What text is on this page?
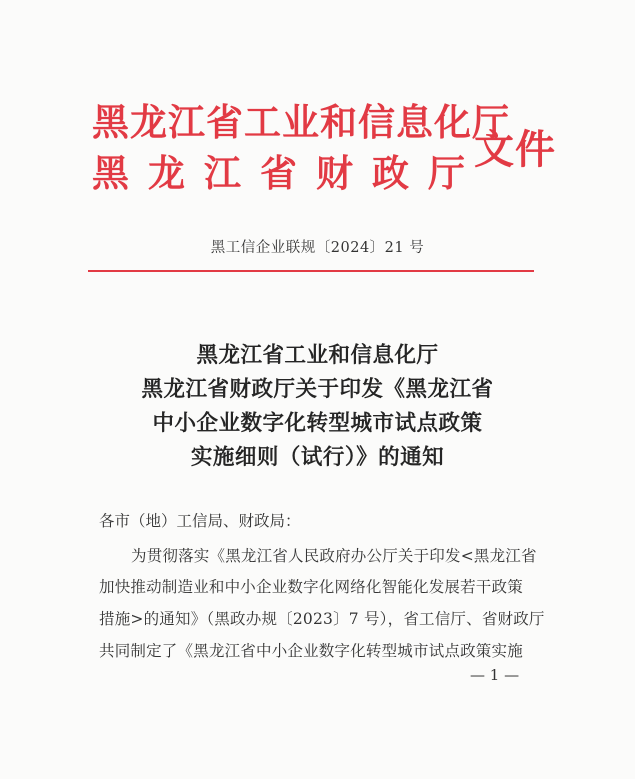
黑龙江省工业和信息化厅
黑龙江省财政厅
文件
黑工信企业联规〔2024〕21 号
黑龙江省工业和信息化厅
黑龙江省财政厅关于印发《黑龙江省
中小企业数字化转型城市试点政策
实施细则（试行）》的通知
各市（地）工信局、财政局：
为贯彻落实《黑龙江省人民政府办公厅关于印发<黑龙江省
加快推动制造业和中小企业数字化网络化智能化发展若干政策
措施>的通知》（黑政办规〔2023〕7 号），省工信厅、省财政厅
共同制定了《黑龙江省中小企业数字化转型城市试点政策实施
— 1 —
